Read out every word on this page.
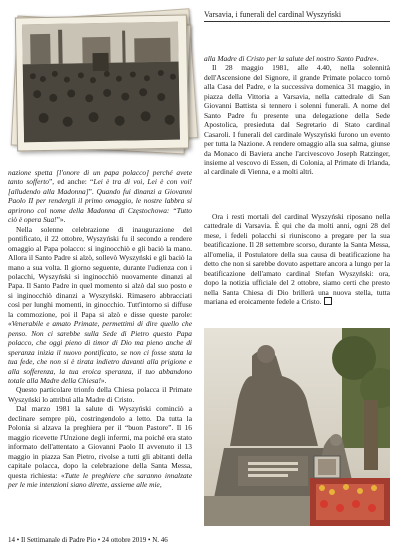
Varsavia, i funerali del cardinal Wyszyński

nazione spetta [l'onore di un papa polacco] perché avete tanto sofferto”, ed anche: “Lei è tra di voi, Lei è con voi! [alludendo alla Madonna]”. Quando fui dinanzi a Giovanni Paolo II per rendergli il primo omaggio, le nostre labbra si aprirono col nome della Madonna di Częstochowa: “Tutto ciò è opera Sua!”».

Nella solenne celebrazione di inaugurazione del pontificato, il 22 ottobre, Wyszyński fu il secondo a rendere omaggio al Papa polacco: si inginocchiò e gli baciò la mano. Allora il Santo Padre si alzò, sollevò Wyszyński e gli baciò la mano a sua volta. Il giorno seguente, durante l'udienza con i polacchi, Wyszyński si inginocchiò nuovamente dinanzi al Papa. Il Santo Padre in quel momento si alzò dal suo posto e si inginocchiò dinanzi a Wyszyński. Rimasero abbracciati così per lunghi momenti, in ginocchio. Tutt'intorno si diffuse la commozione, poi il Papa si alzò e disse queste parole: «Venerabile e amato Primate, permettimi di dire quello che penso. Non ci sarebbe sulla Sede di Pietro questo Papa polacco, che oggi pieno di timor di Dio ma pieno anche di speranza inizia il nuovo pontificato, se non ci fosse stata la tua fede, che non si è tirata indietro davanti alla prigione e alla sofferenza, la tua eroica speranza, il tuo abbandono totale alla Madre della Chiesa!».

Questo particolare trionfo della Chiesa polacca il Primate Wyszyński lo attribuì alla Madre di Cristo.

Dal marzo 1981 la salute di Wyszyński cominciò a declinare sempre più, costringendolo a letto. Da tutta la Polonia si alzava la preghiera per il “buon Pastore”. Il 16 maggio ricevette l'Unzione degli infermi, ma poiché era stato informato dell'attentato a Giovanni Paolo II avvenuto il 13 maggio in piazza San Pietro, rivolse a tutti gli abitanti della capitale polacca, dopo la celebrazione della Santa Messa, questa richiesta: «Tutte le preghiere che saranno innalzate per le mie intenzioni siano dirette, assieme alle mie,

alla Madre di Cristo per la salute del nostro Santo Padre».

Il 28 maggio 1981, alle 4.40, nella solennità dell'Ascensione del Signore, il grande Primate polacco tornò alla Casa del Padre, e la successiva domenica 31 maggio, in piazza della Vittoria a Varsavia, nella cattedrale di San Giovanni Battista si tennero i solenni funerali. A nome del Santo Padre fu presente una delegazione della Sede Apostolica, presieduta dal Segretario di Stato cardinal Casaroli. I funerali del cardinale Wyszyński furono un evento per tutta la Nazione. A rendere omaggio alla sua salma, giunse da Monaco di Baviera anche l'arcivescovo Joseph Ratzinger, insieme al vescovo di Essen, di Colonia, al Primate di Irlanda, al cardinale di Vienna, e a molti altri.

Ora i resti mortali del cardinal Wyszyński riposano nella cattedrale di Varsavia. È qui che da molti anni, ogni 28 del mese, i fedeli polacchi si riuniscono a pregare per la sua beatificazione. Il 28 settembre scorso, durante la Santa Messa, all'omelia, il Postulatore della sua causa di beatificazione ha detto che non si sarebbe dovuto aspettare ancora a lungo per la beatificazione dell'amato cardinal Stefan Wyszyński: ora, dopo la notizia ufficiale del 2 ottobre, siamo certi che presto nella Santa Chiesa di Dio brillerà una nuova stella, tutta mariana ed eroicamente fedele a Cristo.

14 • Il Settimanale di Padre Pio • 24 ottobre 2019 • N. 46
